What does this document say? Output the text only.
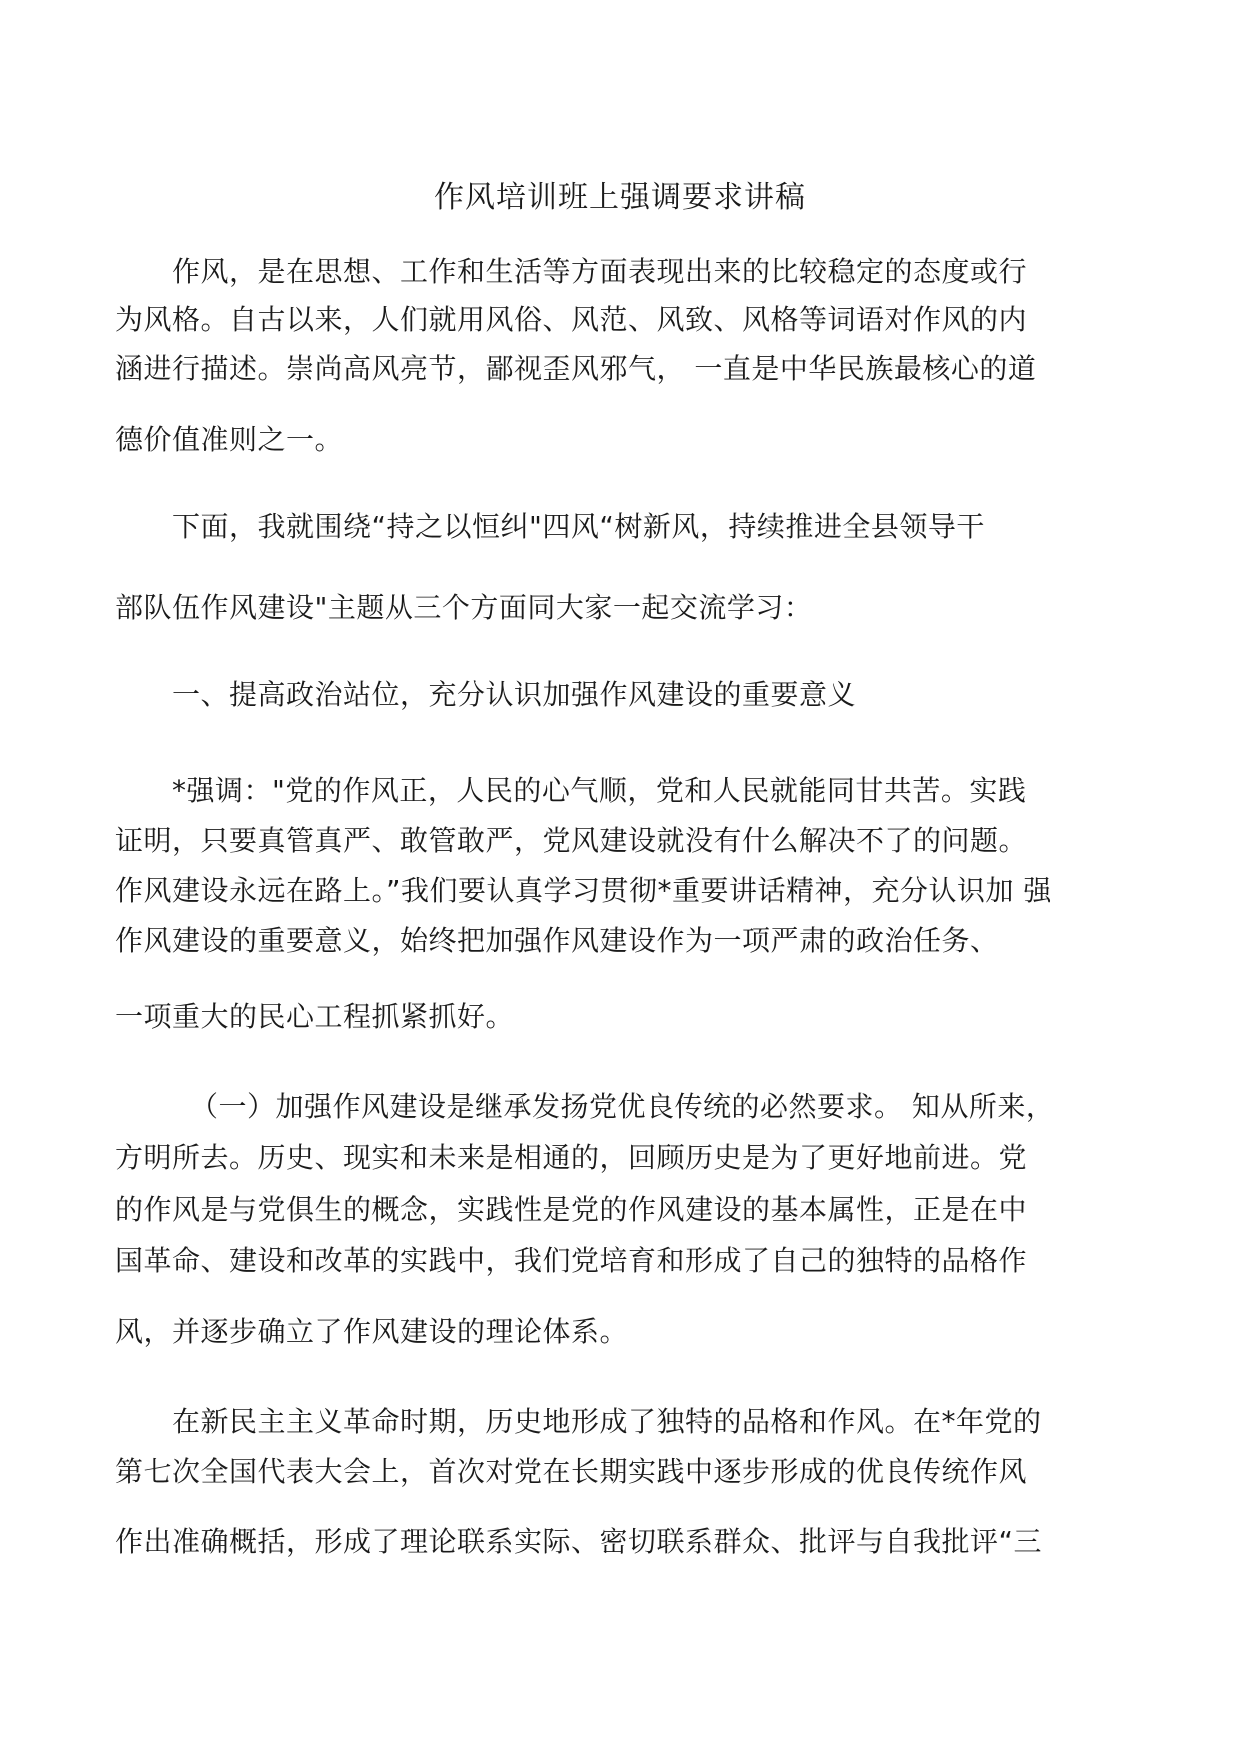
作风培训班上强调要求讲稿
作风，是在思想、工作和生活等方面表现出来的比较稳定的态度或行
为风格。自古以来，人们就用风俗、风范、风致、风格等词语对作风的内
涵进行描述。崇尚高风亮节，鄙视歪风邪气， 一直是中华民族最核心的道
德价值准则之一。
下面，我就围绕“持之以恒纠"四风“树新风，持续推进全县领导干
部队伍作风建设"主题从三个方面同大家一起交流学习：
一、提高政治站位，充分认识加强作风建设的重要意义
*强调："党的作风正，人民的心气顺，党和人民就能同甘共苦。实践
证明，只要真管真严、敢管敢严，党风建设就没有什么解决不了的问题。
作风建设永远在路上。”我们要认真学习贯彻*重要讲话精神，充分认识加 强
作风建设的重要意义，始终把加强作风建设作为一项严肃的政治任务、
一项重大的民心工程抓紧抓好。
（一）加强作风建设是继承发扬党优良传统的必然要求。 知从所来，
方明所去。历史、现实和未来是相通的，回顾历史是为了更好地前进。党
的作风是与党俱生的概念，实践性是党的作风建设的基本属性，正是在中
国革命、建设和改革的实践中，我们党培育和形成了自己的独特的品格作
风，并逐步确立了作风建设的理论体系。
在新民主主义革命时期，历史地形成了独特的品格和作风。在*年党的
第七次全国代表大会上，首次对党在长期实践中逐步形成的优良传统作风
作出准确概括，形成了理论联系实际、密切联系群众、批评与自我批评“三
